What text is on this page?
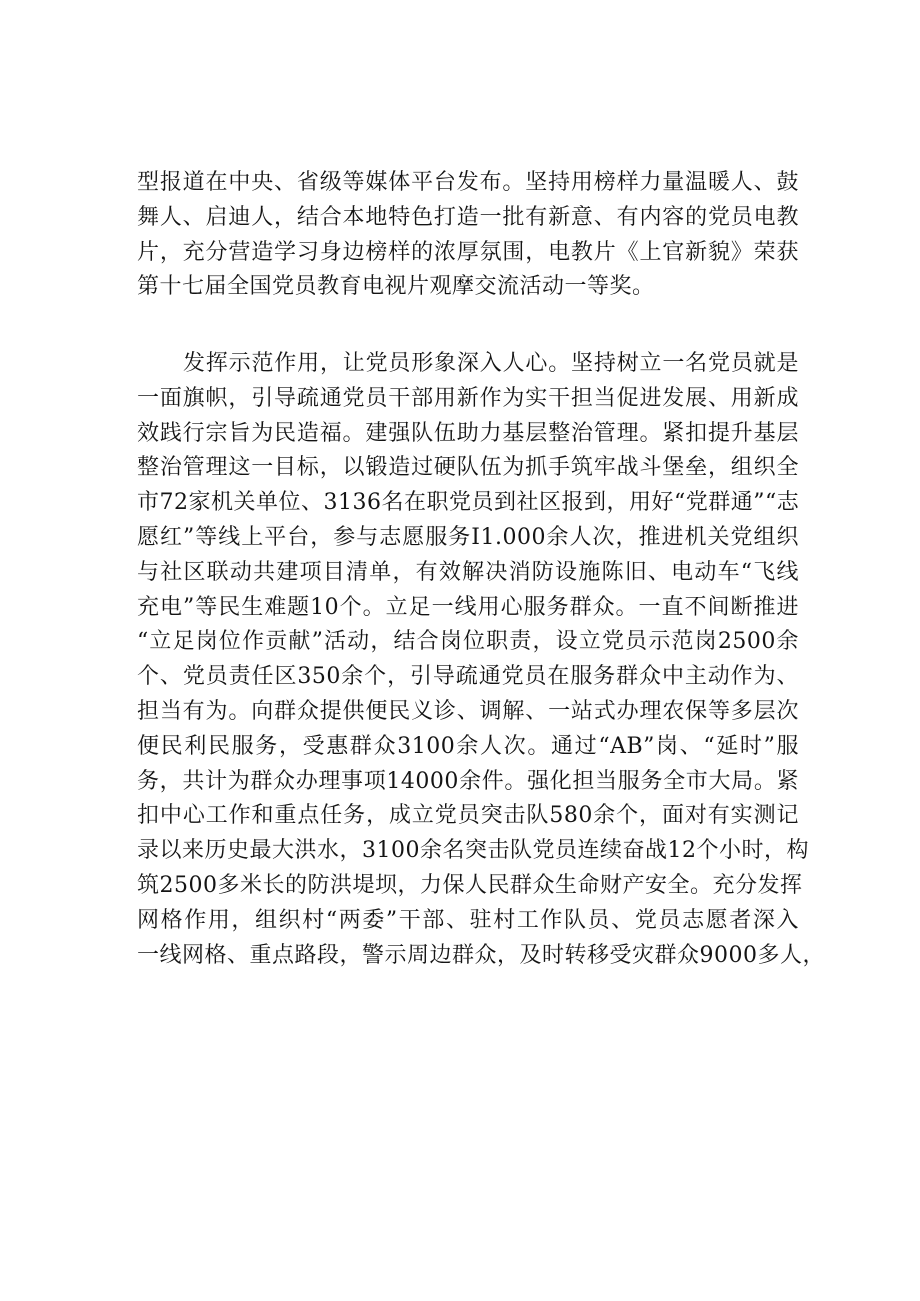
型报道在中央、省级等媒体平台发布。坚持用榜样力量温暖人、鼓
舞人、启迪人，结合本地特色打造一批有新意、有内容的党员电教
片，充分营造学习身边榜样的浓厚氛围，电教片《上官新貌》荣获
第十七届全国党员教育电视片观摩交流活动一等奖。
发挥示范作用，让党员形象深入人心。坚持树立一名党员就是
一面旗帜，引导疏通党员干部用新作为实干担当促进发展、用新成
效践行宗旨为民造福。建强队伍助力基层整治管理。紧扣提升基层
整治管理这一目标，以锻造过硬队伍为抓手筑牢战斗堡垒，组织全
市72家机关单位、3136名在职党员到社区报到，用好“党群通”“志
愿红”等线上平台，参与志愿服务I1.000余人次，推进机关党组织
与社区联动共建项目清单，有效解决消防设施陈旧、电动车“飞线
充电”等民生难题10个。立足一线用心服务群众。一直不间断推进
“立足岗位作贡献”活动，结合岗位职责，设立党员示范岗2500余
个、党员责任区350余个，引导疏通党员在服务群众中主动作为、
担当有为。向群众提供便民义诊、调解、一站式办理农保等多层次
便民利民服务，受惠群众3100余人次。通过“AB”岗、“延时”服
务，共计为群众办理事项14000余件。强化担当服务全市大局。紧
扣中心工作和重点任务，成立党员突击队580余个，面对有实测记
录以来历史最大洪水，3100余名突击队党员连续奋战12个小时，构
筑2500多米长的防洪堤坝，力保人民群众生命财产安全。充分发挥
网格作用，组织村“两委”干部、驻村工作队员、党员志愿者深入
一线网格、重点路段，警示周边群众，及时转移受灾群众9000多人，
